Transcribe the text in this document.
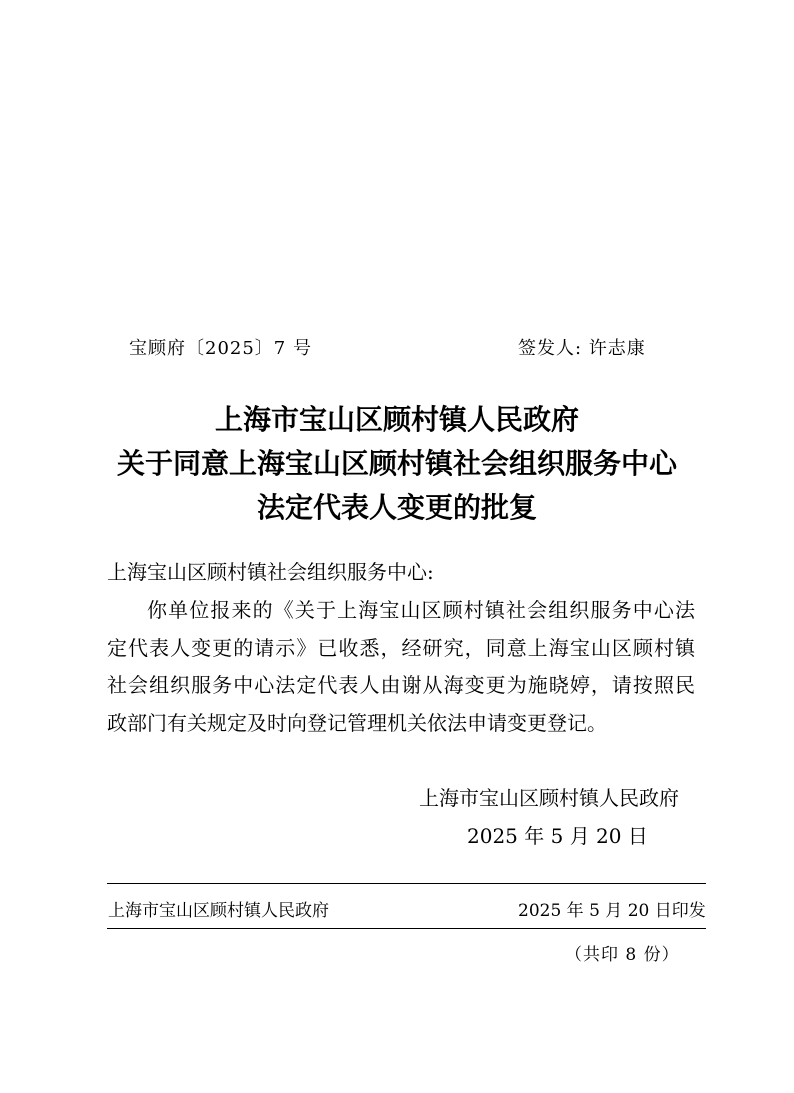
宝顾府〔2025〕7 号	签发人: 许志康
上海市宝山区顾村镇人民政府
关于同意上海宝山区顾村镇社会组织服务中心
法定代表人变更的批复
上海宝山区顾村镇社会组织服务中心:
你单位报来的《关于上海宝山区顾村镇社会组织服务中心法
定代表人变更的请示》已收悉，经研究，同意上海宝山区顾村镇
社会组织服务中心法定代表人由谢从海变更为施晓婷，请按照民
政部门有关规定及时向登记管理机关依法申请变更登记。
上海市宝山区顾村镇人民政府
2025 年 5 月 20 日
上海市宝山区顾村镇人民政府	2025 年 5 月 20 日印发
（共印 8 份）
